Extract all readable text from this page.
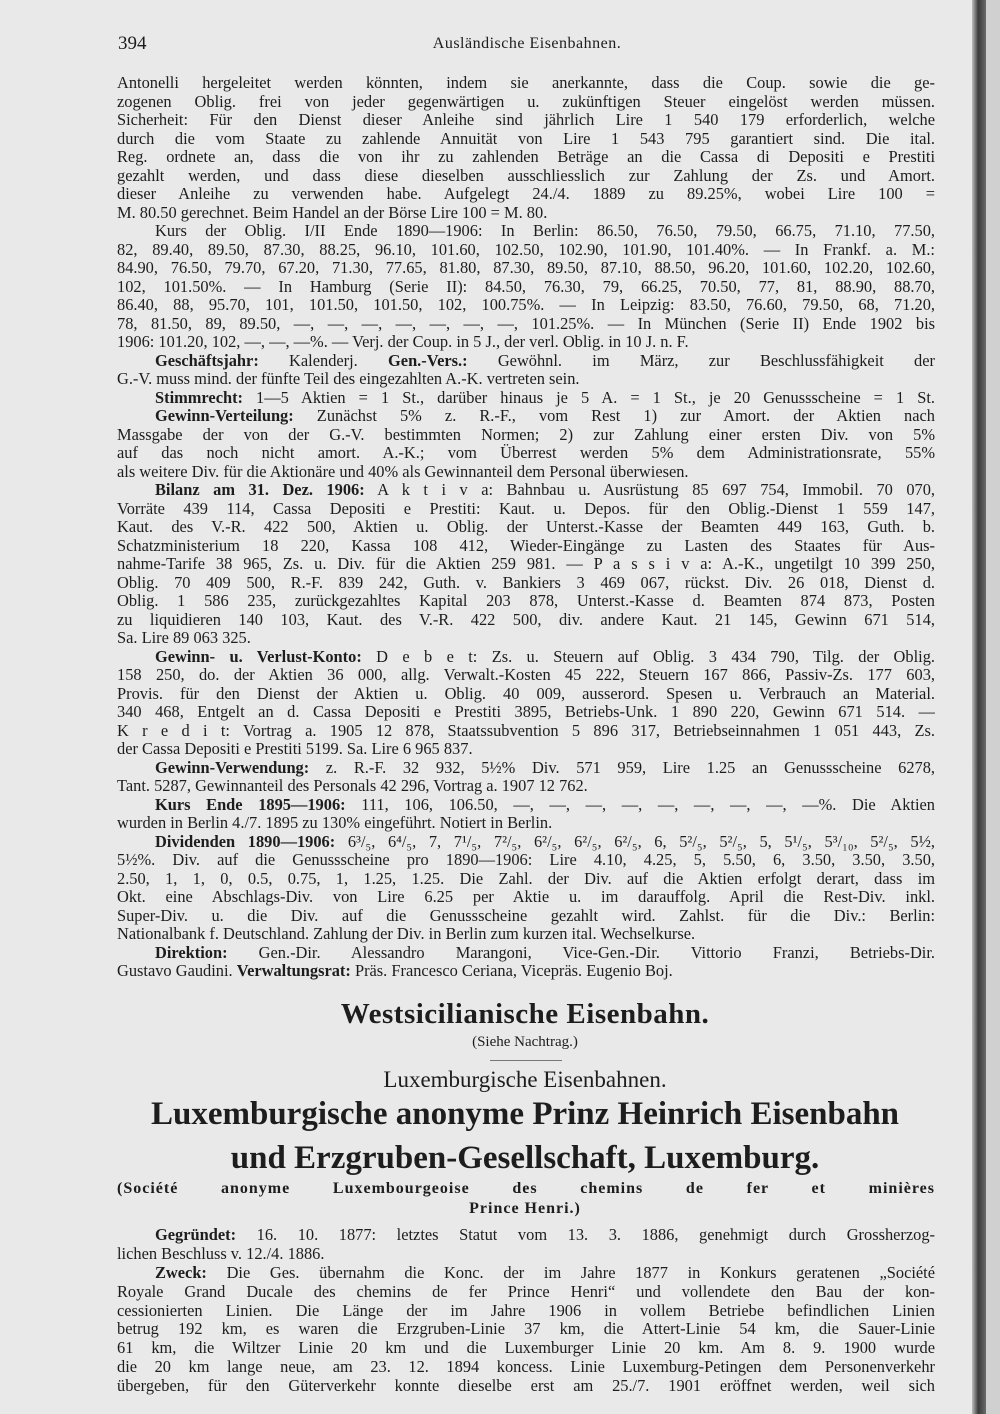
394	Ausländische Eisenbahnen.
Antonelli hergeleitet werden könnten, indem sie anerkannte, dass die Coup. sowie die ge-
zogenen Oblig. frei von jeder gegenwärtigen u. zukünftigen Steuer eingelöst werden müssen.
Sicherheit: Für den Dienst dieser Anleihe sind jährlich Lire 1 540 179 erforderlich, welche
durch die vom Staate zu zahlende Annuität von Lire 1 543 795 garantiert sind. Die ital.
Reg. ordnete an, dass die von ihr zu zahlenden Beträge an die Cassa di Depositi e Prestiti
gezahlt werden, und dass diese dieselben ausschliesslich zur Zahlung der Zs. und Amort.
dieser Anleihe zu verwenden habe. Aufgelegt 24./4. 1889 zu 89.25%, wobei Lire 100 =
M. 80.50 gerechnet. Beim Handel an der Börse Lire 100 = M. 80.
Kurs der Oblig. I/II Ende 1890—1906: In Berlin: 86.50, 76.50, 79.50, 66.75, 71.10, 77.50,
82, 89.40, 89.50, 87.30, 88.25, 96.10, 101.60, 102.50, 102.90, 101.90, 101.40%. — In Frankf. a. M.:
84.90, 76.50, 79.70, 67.20, 71.30, 77.65, 81.80, 87.30, 89.50, 87.10, 88.50, 96.20, 101.60, 102.20, 102.60,
102, 101.50%. — In Hamburg (Serie II): 84.50, 76.30, 79, 66.25, 70.50, 77, 81, 88.90, 88.70,
86.40, 88, 95.70, 101, 101.50, 101.50, 102, 100.75%. — In Leipzig: 83.50, 76.60, 79.50, 68, 71.20,
78, 81.50, 89, 89.50, —, —, —, —, —, —, —, 101.25%. — In München (Serie II) Ende 1902 bis
1906: 101.20, 102, —, —, —%. — Verj. der Coup. in 5 J., der verl. Oblig. in 10 J. n. F.
Geschäftsjahr: Kalenderj. Gen.-Vers.: Gewöhnl. im März, zur Beschlussfähigkeit der
G.-V. muss mind. der fünfte Teil des eingezahlten A.-K. vertreten sein.
Stimmrecht: 1—5 Aktien = 1 St., darüber hinaus je 5 A. = 1 St., je 20 Genussscheine = 1 St.
Gewinn-Verteilung: Zunächst 5% z. R.-F., vom Rest 1) zur Amort. der Aktien nach
Massgabe der von der G.-V. bestimmten Normen; 2) zur Zahlung einer ersten Div. von 5%
auf das noch nicht amort. A.-K.; vom Überrest werden 5% dem Administrationsrate, 55%
als weitere Div. für die Aktionäre und 40% als Gewinnanteil dem Personal überwiesen.
Bilanz am 31. Dez. 1906: A k t i v a: Bahnbau u. Ausrüstung 85 697 754, Immobil. 70 070,
Vorräte 439 114, Cassa Depositi e Prestiti: Kaut. u. Depos. für den Oblig.-Dienst 1 559 147,
Kaut. des V.-R. 422 500, Aktien u. Oblig. der Unterst.-Kasse der Beamten 449 163, Guth. b.
Schatzministerium 18 220, Kassa 108 412, Wieder-Eingänge zu Lasten des Staates für Aus-
nahme-Tarife 38 965, Zs. u. Div. für die Aktien 259 981. — P a s s i v a: A.-K., ungetilgt 10 399 250,
Oblig. 70 409 500, R.-F. 839 242, Guth. v. Bankiers 3 469 067, rückst. Div. 26 018, Dienst d.
Oblig. 1 586 235, zurückgezahltes Kapital 203 878, Unterst.-Kasse d. Beamten 874 873, Posten
zu liquidieren 140 103, Kaut. des V.-R. 422 500, div. andere Kaut. 21 145, Gewinn 671 514,
Sa. Lire 89 063 325.
Gewinn- u. Verlust-Konto: D e b e t: Zs. u. Steuern auf Oblig. 3 434 790, Tilg. der Oblig.
158 250, do. der Aktien 36 000, allg. Verwalt.-Kosten 45 222, Steuern 167 866, Passiv-Zs. 177 603,
Provis. für den Dienst der Aktien u. Oblig. 40 009, ausserord. Spesen u. Verbrauch an Material.
340 468, Entgelt an d. Cassa Depositi e Prestiti 3895, Betriebs-Unk. 1 890 220, Gewinn 671 514. —
K r e d i t: Vortrag a. 1905 12 878, Staatssubvention 5 896 317, Betriebseinnahmen 1 051 443, Zs.
der Cassa Depositi e Prestiti 5199. Sa. Lire 6 965 837.
Gewinn-Verwendung: z. R.-F. 32 932, 5½% Div. 571 959, Lire 1.25 an Genussscheine 6278,
Tant. 5287, Gewinnanteil des Personals 42 296, Vortrag a. 1907 12 762.
Kurs Ende 1895—1906: 111, 106, 106.50, —, —, —, —, —, —, —, —, —%. Die Aktien
wurden in Berlin 4./7. 1895 zu 130% eingeführt. Notiert in Berlin.
Dividenden 1890—1906: 6³/₅, 6⁴/₅, 7, 7¹/₅, 7²/₅, 6²/₅, 6²/₅, 6²/₅, 6, 5²/₅, 5²/₅, 5, 5¹/₅, 5³/₁₀, 5²/₅, 5½,
5½%. Div. auf die Genussscheine pro 1890—1906: Lire 4.10, 4.25, 5, 5.50, 6, 3.50, 3.50, 3.50,
2.50, 1, 1, 0, 0.5, 0.75, 1, 1.25, 1.25. Die Zahl. der Div. auf die Aktien erfolgt derart, dass im
Okt. eine Abschlags-Div. von Lire 6.25 per Aktie u. im darauffolg. April die Rest-Div. inkl.
Super-Div. u. die Div. auf die Genussscheine gezahlt wird. Zahlst. für die Div.: Berlin:
Nationalbank f. Deutschland. Zahlung der Div. in Berlin zum kurzen ital. Wechselkurse.
Direktion: Gen.-Dir. Alessandro Marangoni, Vice-Gen.-Dir. Vittorio Franzi, Betriebs-Dir.
Gustavo Gaudini. Verwaltungsrat: Präs. Francesco Ceriana, Vicepräs. Eugenio Boj.
Westsicilianische Eisenbahn.
(Siehe Nachtrag.)
Luxemburgische Eisenbahnen.
Luxemburgische anonyme Prinz Heinrich Eisenbahn
und Erzgruben-Gesellschaft, Luxemburg.
(Société anonyme Luxembourgeoise des chemins de fer et minières
Prince Henri.)
Gegründet: 16. 10. 1877: letztes Statut vom 13. 3. 1886, genehmigt durch Grossherzog-
lichen Beschluss v. 12./4. 1886.
Zweck: Die Ges. übernahm die Konc. der im Jahre 1877 in Konkurs geratenen „Société
Royale Grand Ducale des chemins de fer Prince Henri“ und vollendete den Bau der kon-
cessionierten Linien. Die Länge der im Jahre 1906 in vollem Betriebe befindlichen Linien
betrug 192 km, es waren die Erzgruben-Linie 37 km, die Attert-Linie 54 km, die Sauer-Linie
61 km, die Wiltzer Linie 20 km und die Luxemburger Linie 20 km. Am 8. 9. 1900 wurde
die 20 km lange neue, am 23. 12. 1894 koncess. Linie Luxemburg-Petingen dem Personenverkehr
übergeben, für den Güterverkehr konnte dieselbe erst am 25./7. 1901 eröffnet werden, weil sich
